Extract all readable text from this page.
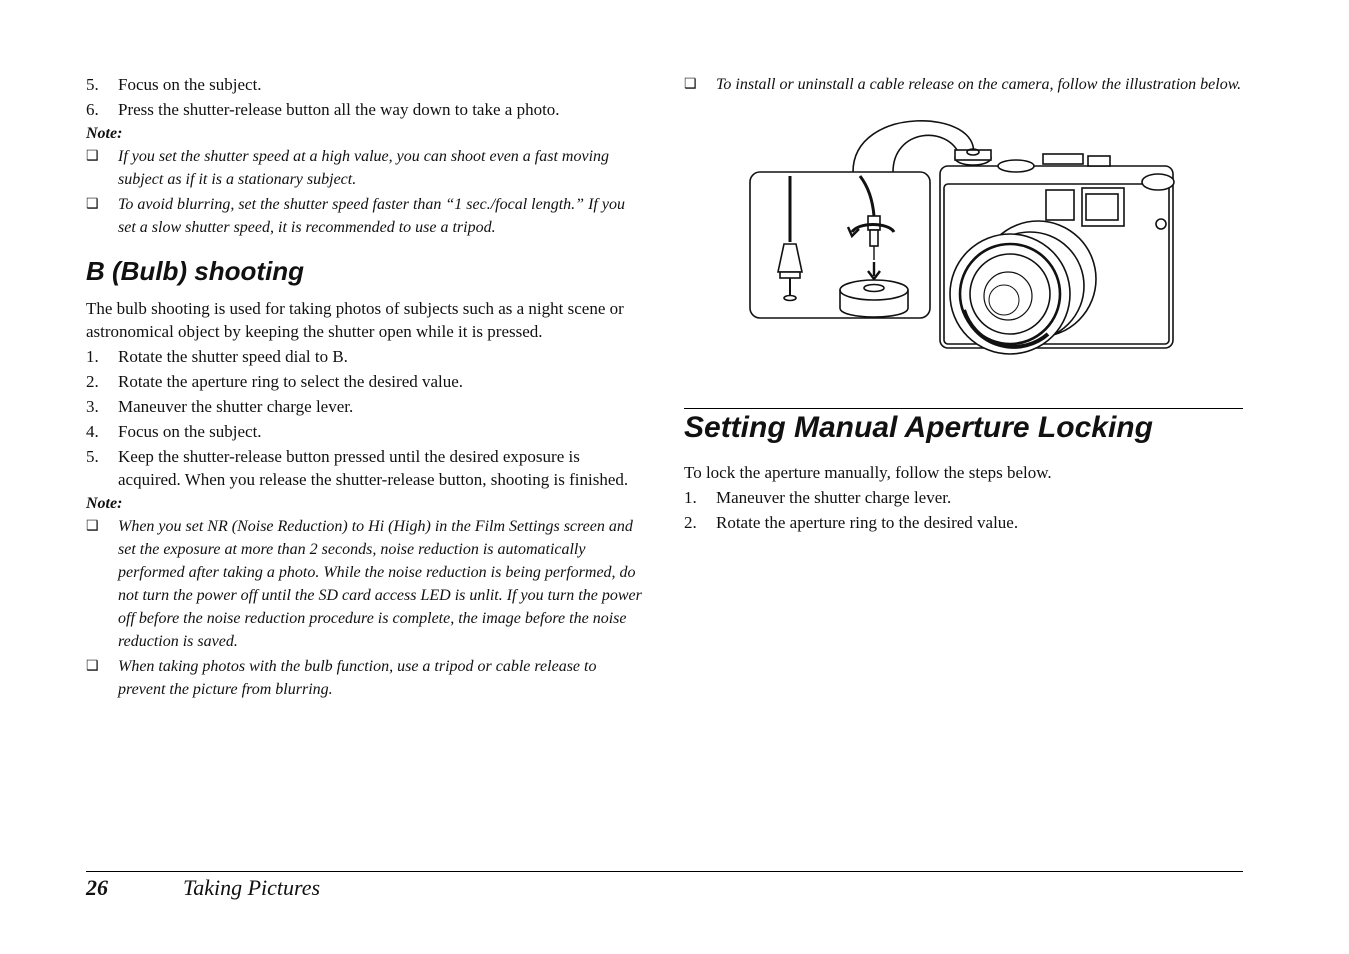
5.	Focus on the subject.
6.	Press the shutter-release button all the way down to take a photo.
Note:
❑	If you set the shutter speed at a high value, you can shoot even a fast moving subject as if it is a stationary subject.
❑	To avoid blurring, set the shutter speed faster than “1 sec./focal length.” If you set a slow shutter speed, it is recommended to use a tripod.
B (Bulb) shooting
The bulb shooting is used for taking photos of subjects such as a night scene or astronomical object by keeping the shutter open while it is pressed.
1.	Rotate the shutter speed dial to B.
2.	Rotate the aperture ring to select the desired value.
3.	Maneuver the shutter charge lever.
4.	Focus on the subject.
5.	Keep the shutter-release button pressed until the desired exposure is acquired. When you release the shutter-release button, shooting is finished.
Note:
❑	When you set NR (Noise Reduction) to Hi (High) in the Film Settings screen and set the exposure at more than 2 seconds, noise reduction is automatically performed after taking a photo. While the noise reduction is being performed, do not turn the power off until the SD card access LED is unlit. If you turn the power off before the noise reduction procedure is complete, the image before the noise reduction is saved.
❑	When taking photos with the bulb function, use a tripod or cable release to prevent the picture from blurring.
❑	To install or uninstall a cable release on the camera, follow the illustration below.
Setting Manual Aperture Locking
To lock the aperture manually, follow the steps below.
1.	Maneuver the shutter charge lever.
2.	Rotate the aperture ring to the desired value.
26	Taking Pictures
